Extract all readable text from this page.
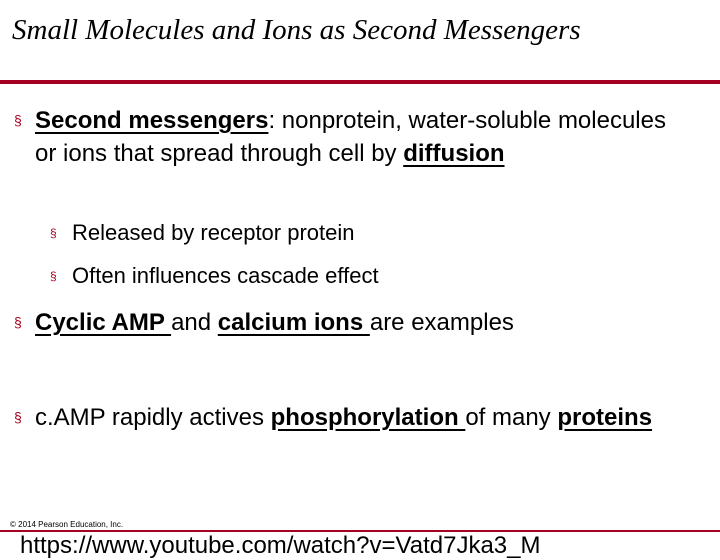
Small Molecules and Ions as Second Messengers
§ Second messengers: nonprotein, water-soluble molecules or ions that spread through cell by diffusion
§ Released by receptor protein
§ Often influences cascade effect
§ Cyclic AMP and calcium ions are examples
§ c.AMP rapidly actives phosphorylation of many proteins
© 2014 Pearson Education, Inc.
https://www.youtube.com/watch?v=Vatd7Jka3_M
